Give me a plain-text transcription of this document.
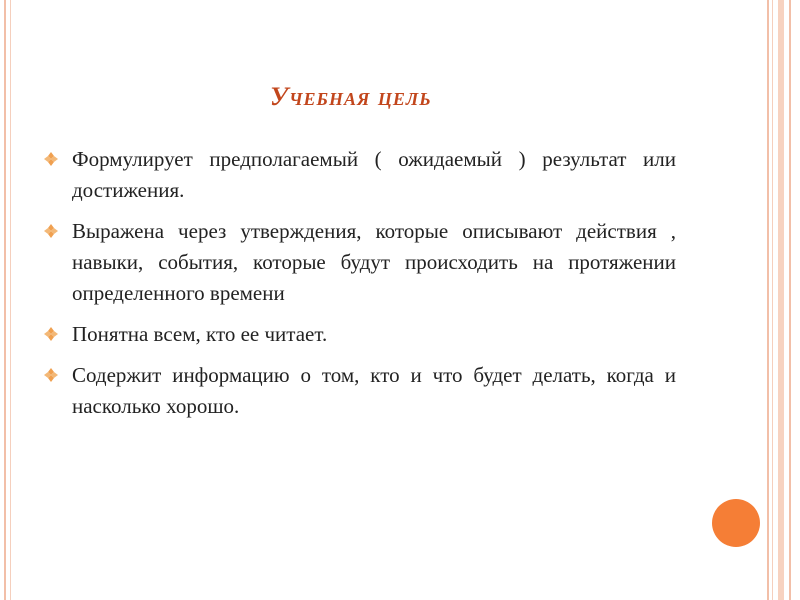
Учебная цель
Формулирует предполагаемый ( ожидаемый ) результат или достижения.
Выражена через утверждения, которые описывают действия , навыки, события, которые будут происходить на протяжении определенного времени
Понятна всем, кто ее читает.
Содержит информацию о том, кто и что будет делать, когда и насколько хорошо.
